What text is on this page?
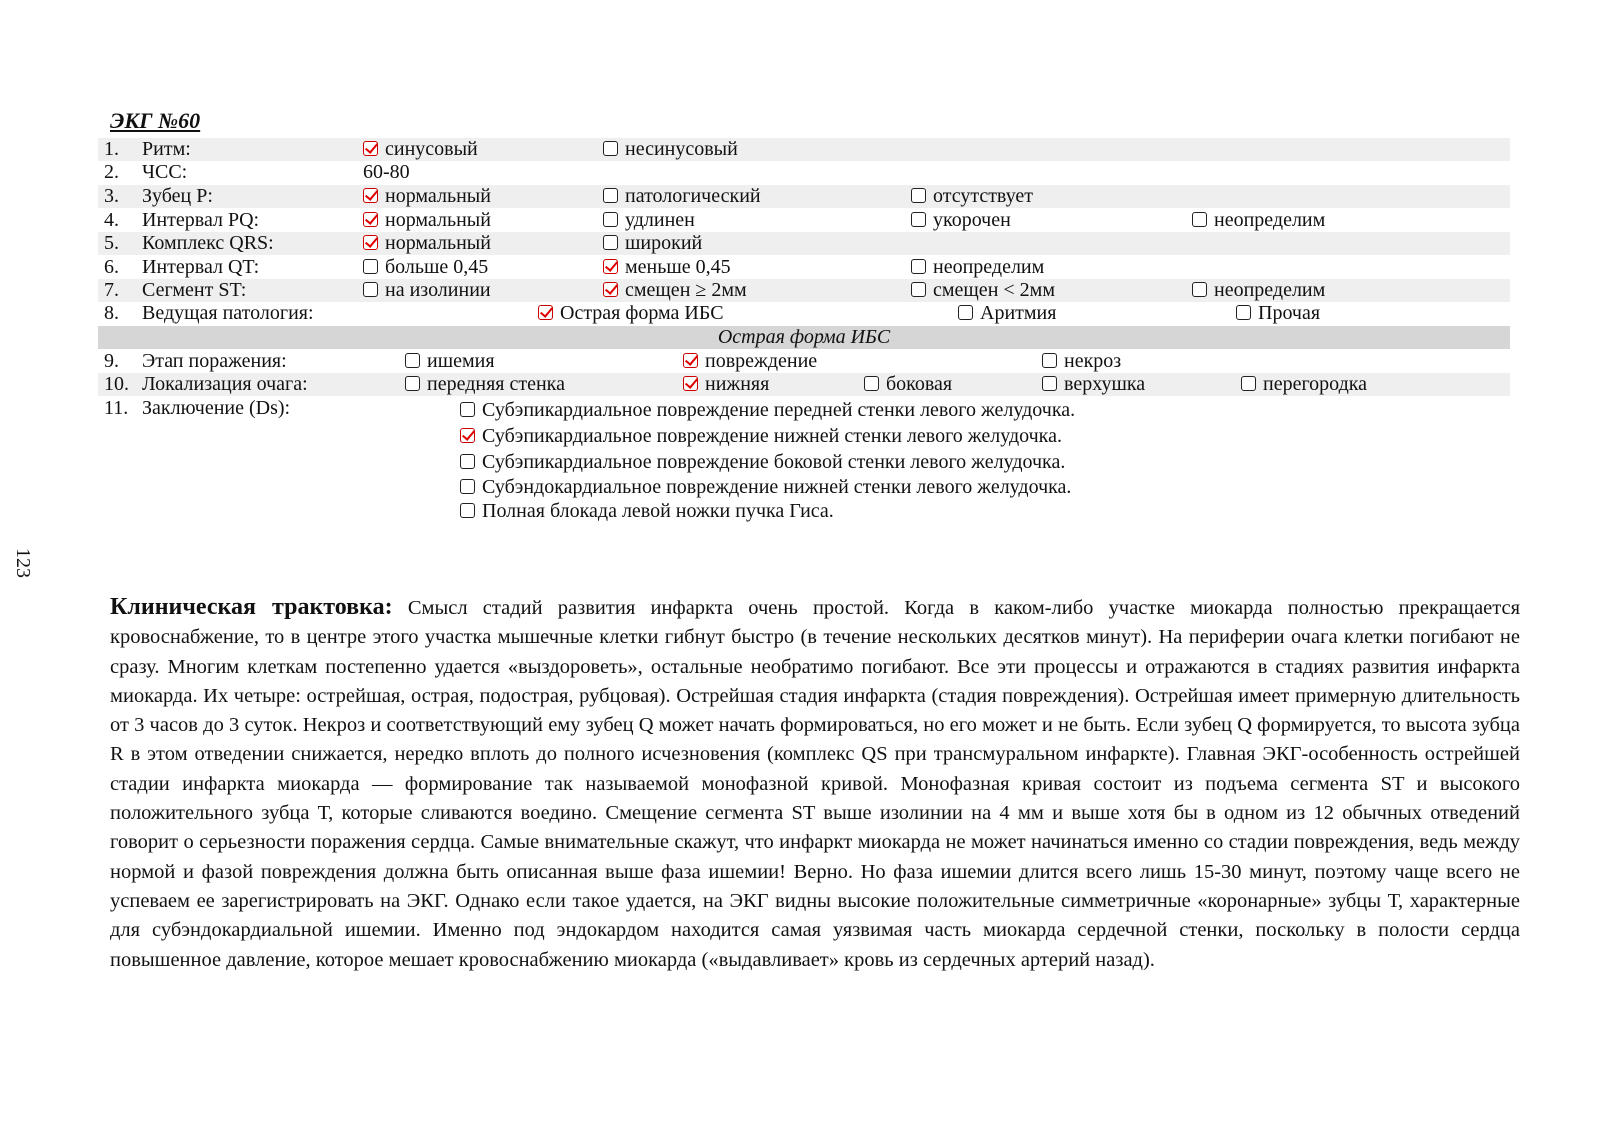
123
ЭКГ №60
1. Ритм:	синусовый	несинусовый
2. ЧСС:	60-80
3. Зубец P:	нормальный	патологический	отсутствует
4. Интервал PQ:	нормальный	удлинен	укорочен	неопределим
5. Комплекс QRS:	нормальный	широкий
6. Интервал QT:	больше 0,45	меньше 0,45	неопределим
7. Сегмент ST:	на изолинии	смещен ≥ 2мм	смещен < 2мм	неопределим
8. Ведущая патология:	Острая форма ИБС	Аритмия	Прочая
Острая форма ИБС
9. Этап поражения:	ишемия	повреждение	некроз
10. Локализация очага:	передняя стенка	нижняя	боковая	верхушка	перегородка
11. Заключение (Ds):	Субэпикардиальное повреждение передней стенки левого желудочка.
Субэпикардиальное повреждение нижней стенки левого желудочка.
Субэпикардиальное повреждение боковой стенки левого желудочка.
Субэндокардиальное повреждение нижней стенки левого желудочка.
Полная блокада левой ножки пучка Гиса.
Клиническая трактовка: Смысл стадий развития инфаркта очень простой. Когда в каком-либо участке миокарда полностью прекращается кровоснабжение, то в центре этого участка мышечные клетки гибнут быстро (в течение нескольких десятков минут). На периферии очага клетки погибают не сразу. Многим клеткам постепенно удается «выздороветь», остальные необратимо погибают. Все эти процессы и отражаются в стадиях развития инфаркта миокарда. Их четыре: острейшая, острая, подострая, рубцовая). Острейшая стадия инфаркта (стадия повреждения). Острейшая имеет примерную длительность от 3 часов до 3 суток. Некроз и соответствующий ему зубец Q может начать формироваться, но его может и не быть. Если зубец Q формируется, то высота зубца R в этом отведении снижается, нередко вплоть до полного исчезновения (комплекс QS при трансмуральном инфаркте). Главная ЭКГ-особенность острейшей стадии инфаркта миокарда — формирование так называемой монофазной кривой. Монофазная кривая состоит из подъема сегмента ST и высокого положительного зубца Т, которые сливаются воедино. Смещение сегмента ST выше изолинии на 4 мм и выше хотя бы в одном из 12 обычных отведений говорит о серьезности поражения сердца. Самые внимательные скажут, что инфаркт миокарда не может начинаться именно со стадии повреждения, ведь между нормой и фазой повреждения должна быть описанная выше фаза ишемии! Верно. Но фаза ишемии длится всего лишь 15-30 минут, поэтому чаще всего не успеваем ее зарегистрировать на ЭКГ. Однако если такое удается, на ЭКГ видны высокие положительные симметричные «коронарные» зубцы Т, характерные для субэндокардиальной ишемии. Именно под эндокардом находится самая уязвимая часть миокарда сердечной стенки, поскольку в полости сердца повышенное давление, которое мешает кровоснабжению миокарда («выдавливает» кровь из сердечных артерий назад).
